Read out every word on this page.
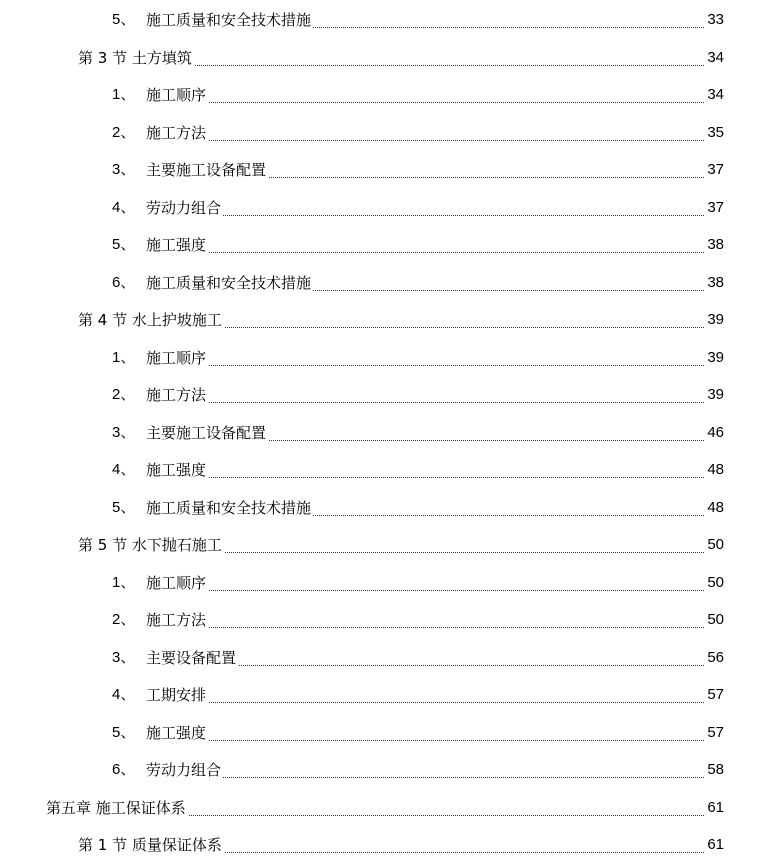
5、 施工质量和安全技术措施	33
第 3 节 土方填筑	34
1、 施工顺序	34
2、 施工方法	35
3、 主要施工设备配置	37
4、 劳动力组合	37
5、 施工强度	38
6、 施工质量和安全技术措施	38
第 4 节 水上护坡施工	39
1、 施工顺序	39
2、 施工方法	39
3、 主要施工设备配置	46
4、 施工强度	48
5、 施工质量和安全技术措施	48
第 5 节 水下抛石施工	50
1、 施工顺序	50
2、 施工方法	50
3、 主要设备配置	56
4、 工期安排	57
5、 施工强度	57
6、 劳动力组合	58
第五章 施工保证体系	61
第 1 节 质量保证体系	61
